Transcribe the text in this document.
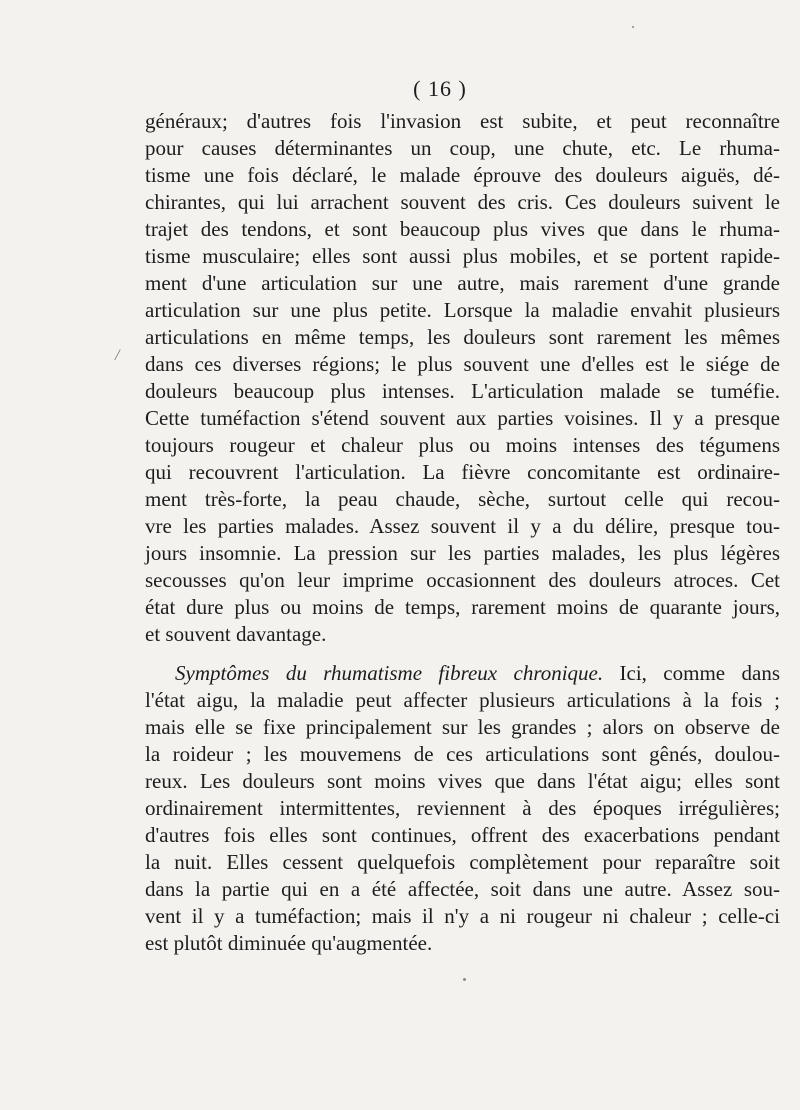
( 16 )
/
généraux; d'autres fois l'invasion est subite, et peut reconnaître
pour causes déterminantes un coup, une chute, etc. Le rhuma-
tisme une fois déclaré, le malade éprouve des douleurs aiguës, dé-
chirantes, qui lui arrachent souvent des cris. Ces douleurs suivent le
trajet des tendons, et sont beaucoup plus vives que dans le rhuma-
tisme musculaire; elles sont aussi plus mobiles, et se portent rapide-
ment d'une articulation sur une autre, mais rarement d'une grande
articulation sur une plus petite. Lorsque la maladie envahit plusieurs
articulations en même temps, les douleurs sont rarement les mêmes
dans ces diverses régions; le plus souvent une d'elles est le siége de
douleurs beaucoup plus intenses. L'articulation malade se tuméfie.
Cette tuméfaction s'étend souvent aux parties voisines. Il y a presque
toujours rougeur et chaleur plus ou moins intenses des tégumens
qui recouvrent l'articulation. La fièvre concomitante est ordinaire-
ment très-forte, la peau chaude, sèche, surtout celle qui recou-
vre les parties malades. Assez souvent il y a du délire, presque tou-
jours insomnie. La pression sur les parties malades, les plus légères
secousses qu'on leur imprime occasionnent des douleurs atroces. Cet
état dure plus ou moins de temps, rarement moins de quarante jours,
et souvent davantage.
Symptômes du rhumatisme fibreux chronique. Ici, comme dans
l'état aigu, la maladie peut affecter plusieurs articulations à la fois ;
mais elle se fixe principalement sur les grandes ; alors on observe de
la roideur ; les mouvemens de ces articulations sont gênés, doulou-
reux. Les douleurs sont moins vives que dans l'état aigu; elles sont
ordinairement intermittentes, reviennent à des époques irrégulières;
d'autres fois elles sont continues, offrent des exacerbations pendant
la nuit. Elles cessent quelquefois complètement pour reparaître soit
dans la partie qui en a été affectée, soit dans une autre. Assez sou-
vent il y a tuméfaction; mais il n'y a ni rougeur ni chaleur ; celle-ci
est plutôt diminuée qu'augmentée.
